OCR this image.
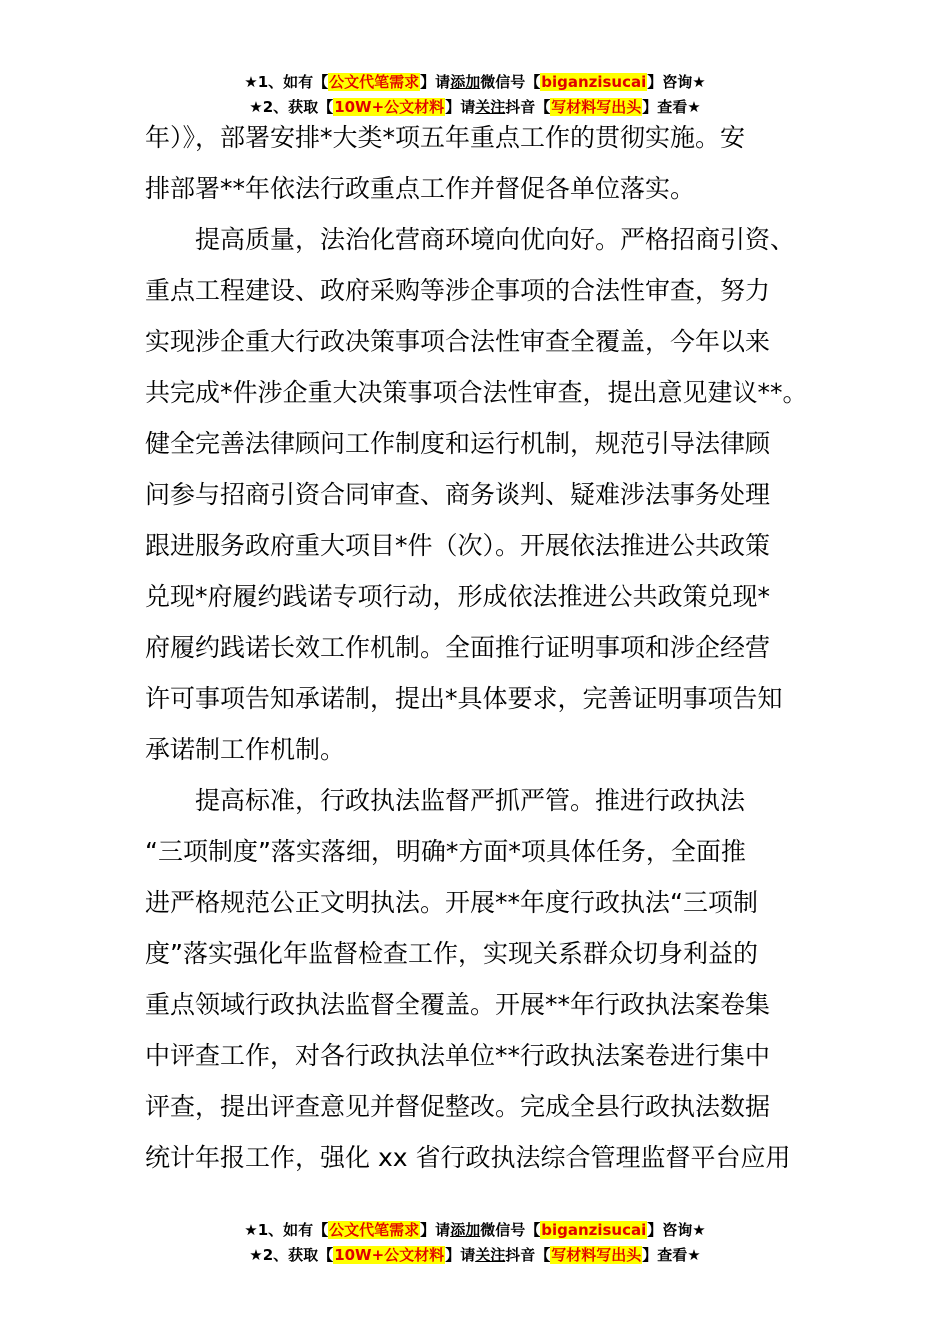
★1、如有【公文代笔需求】请添加微信号【biganzisucai】咨询★
★2、获取【10W+公文材料】请关注抖音【写材料写出头】查看★
年）》，部署安排*大类*项五年重点工作的贯彻实施。安
排部署**年依法行政重点工作并督促各单位落实。
提高质量，法治化营商环境向优向好。严格招商引资、
重点工程建设、政府采购等涉企事项的合法性审查，努力
实现涉企重大行政决策事项合法性审查全覆盖，今年以来
共完成*件涉企重大决策事项合法性审查，提出意见建议**。
健全完善法律顾问工作制度和运行机制，规范引导法律顾
问参与招商引资合同审查、商务谈判、疑难涉法事务处理
跟进服务政府重大项目*件（次）。开展依法推进公共政策
兑现*府履约践诺专项行动，形成依法推进公共政策兑现*
府履约践诺长效工作机制。全面推行证明事项和涉企经营
许可事项告知承诺制，提出*具体要求，完善证明事项告知
承诺制工作机制。
提高标准，行政执法监督严抓严管。推进行政执法
“三项制度”落实落细，明确*方面*项具体任务，全面推
进严格规范公正文明执法。开展**年度行政执法“三项制
度”落实强化年监督检查工作，实现关系群众切身利益的
重点领域行政执法监督全覆盖。开展**年行政执法案卷集
中评查工作，对各行政执法单位**行政执法案卷进行集中
评查，提出评查意见并督促整改。完成全县行政执法数据
统计年报工作，强化 xx 省行政执法综合管理监督平台应用
★1、如有【公文代笔需求】请添加微信号【biganzisucai】咨询★
★2、获取【10W+公文材料】请关注抖音【写材料写出头】查看★
